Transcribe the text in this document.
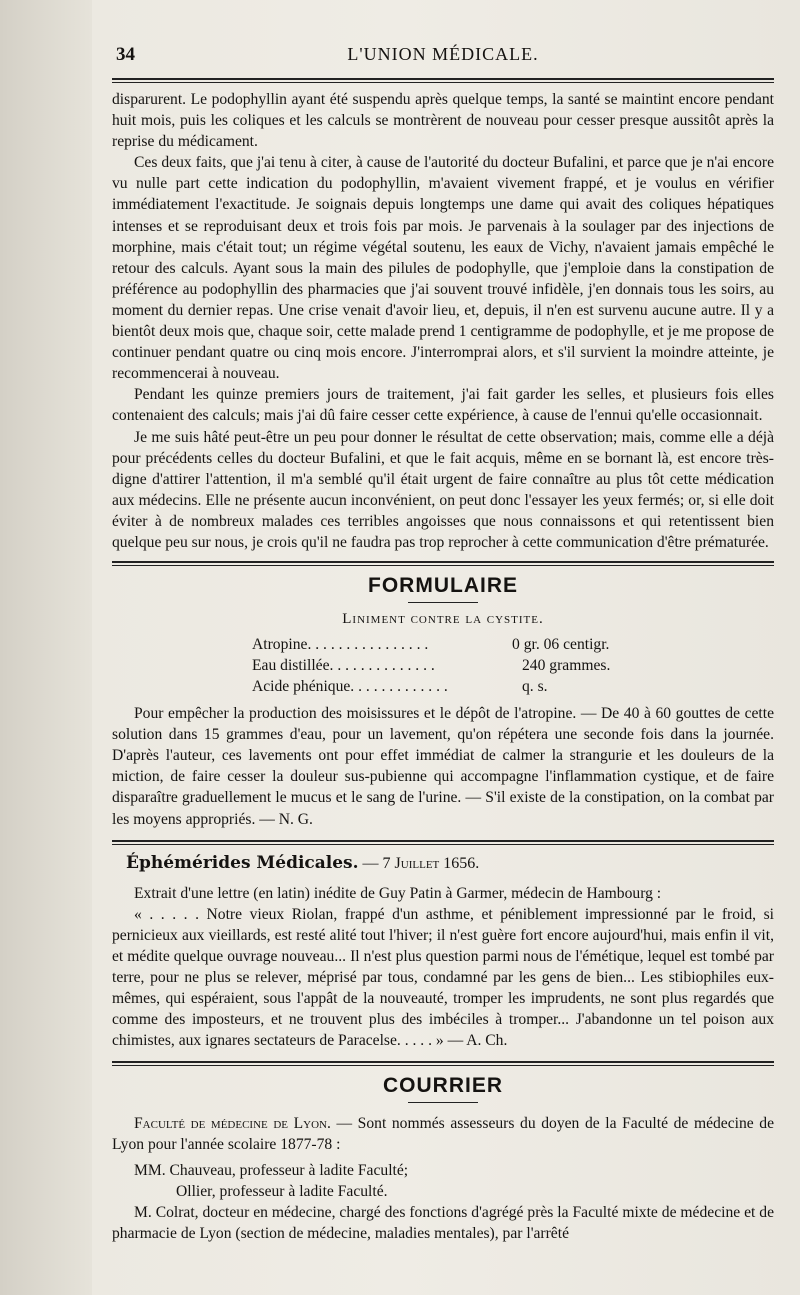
34	L'UNION MÉDICALE.

disparurent. Le podophyllin ayant été suspendu après quelque temps, la santé se maintint encore pendant huit mois, puis les coliques et les calculs se montrèrent de nouveau pour cesser presque aussitôt après la reprise du médicament.

Ces deux faits, que j'ai tenu à citer, à cause de l'autorité du docteur Bufalini, et parce que je n'ai encore vu nulle part cette indication du podophyllin, m'avaient vivement frappé, et je voulus en vérifier immédiatement l'exactitude. Je soignais depuis longtemps une dame qui avait des coliques hépatiques intenses et se reproduisant deux et trois fois par mois. Je parvenais à la soulager par des injections de morphine, mais c'était tout; un régime végétal soutenu, les eaux de Vichy, n'avaient jamais empêché le retour des calculs. Ayant sous la main des pilules de podophylle, que j'emploie dans la constipation de préférence au podophyllin des pharmacies que j'ai souvent trouvé infidèle, j'en donnais tous les soirs, au moment du dernier repas. Une crise venait d'avoir lieu, et, depuis, il n'en est survenu aucune autre. Il y a bientôt deux mois que, chaque soir, cette malade prend 1 centigramme de podophylle, et je me propose de continuer pendant quatre ou cinq mois encore. J'interromprai alors, et s'il survient la moindre atteinte, je recommencerai à nouveau.

Pendant les quinze premiers jours de traitement, j'ai fait garder les selles, et plusieurs fois elles contenaient des calculs; mais j'ai dû faire cesser cette expérience, à cause de l'ennui qu'elle occasionnait.

Je me suis hâté peut-être un peu pour donner le résultat de cette observation; mais, comme elle a déjà pour précédents celles du docteur Bufalini, et que le fait acquis, même en se bornant là, est encore très-digne d'attirer l'attention, il m'a semblé qu'il était urgent de faire connaître au plus tôt cette médication aux médecins. Elle ne présente aucun inconvénient, on peut donc l'essayer les yeux fermés; or, si elle doit éviter à de nombreux malades ces terribles angoisses que nous connaissons et qui retentissent bien quelque peu sur nous, je crois qu'il ne faudra pas trop reprocher à cette communication d'être prématurée.

FORMULAIRE
Liniment contre la cystite.
Atropine . . . . . . . . . . . . . . . .	0 gr. 06 centigr.
Eau distillée . . . . . . . . . . . . . .	240 grammes.
Acide phénique . . . . . . . . . . . . .	q. s.

Pour empêcher la production des moisissures et le dépôt de l'atropine. — De 40 à 60 gouttes de cette solution dans 15 grammes d'eau, pour un lavement, qu'on répétera une seconde fois dans la journée. D'après l'auteur, ces lavements ont pour effet immédiat de calmer la strangurie et les douleurs de la miction, de faire cesser la douleur sus-pubienne qui accompagne l'inflammation cystique, et de faire disparaître graduellement le mucus et le sang de l'urine. — S'il existe de la constipation, on la combat par les moyens appropriés. — N. G.

Éphémérides Médicales. — 7 Juillet 1656.

Extrait d'une lettre (en latin) inédite de Guy Patin à Garmer, médecin de Hambourg :

« . . . . . Notre vieux Riolan, frappé d'un asthme, et péniblement impressionné par le froid, si pernicieux aux vieillards, est resté alité tout l'hiver; il n'est guère fort encore aujourd'hui, mais enfin il vit, et médite quelque ouvrage nouveau... Il n'est plus question parmi nous de l'émétique, lequel est tombé par terre, pour ne plus se relever, méprisé par tous, condamné par les gens de bien... Les stibiophiles eux-mêmes, qui espéraient, sous l'appât de la nouveauté, tromper les imprudents, ne sont plus regardés que comme des imposteurs, et ne trouvent plus des imbéciles à tromper... J'abandonne un tel poison aux chimistes, aux ignares sectateurs de Paracelse. . . . . » — A. Ch.

COURRIER

Faculté de médecine de Lyon. — Sont nommés assesseurs du doyen de la Faculté de médecine de Lyon pour l'année scolaire 1877-78 :

MM. Chauveau, professeur à ladite Faculté;

Ollier, professeur à ladite Faculté.

M. Colrat, docteur en médecine, chargé des fonctions d'agrégé près la Faculté mixte de médecine et de pharmacie de Lyon (section de médecine, maladies mentales), par l'arrêté
